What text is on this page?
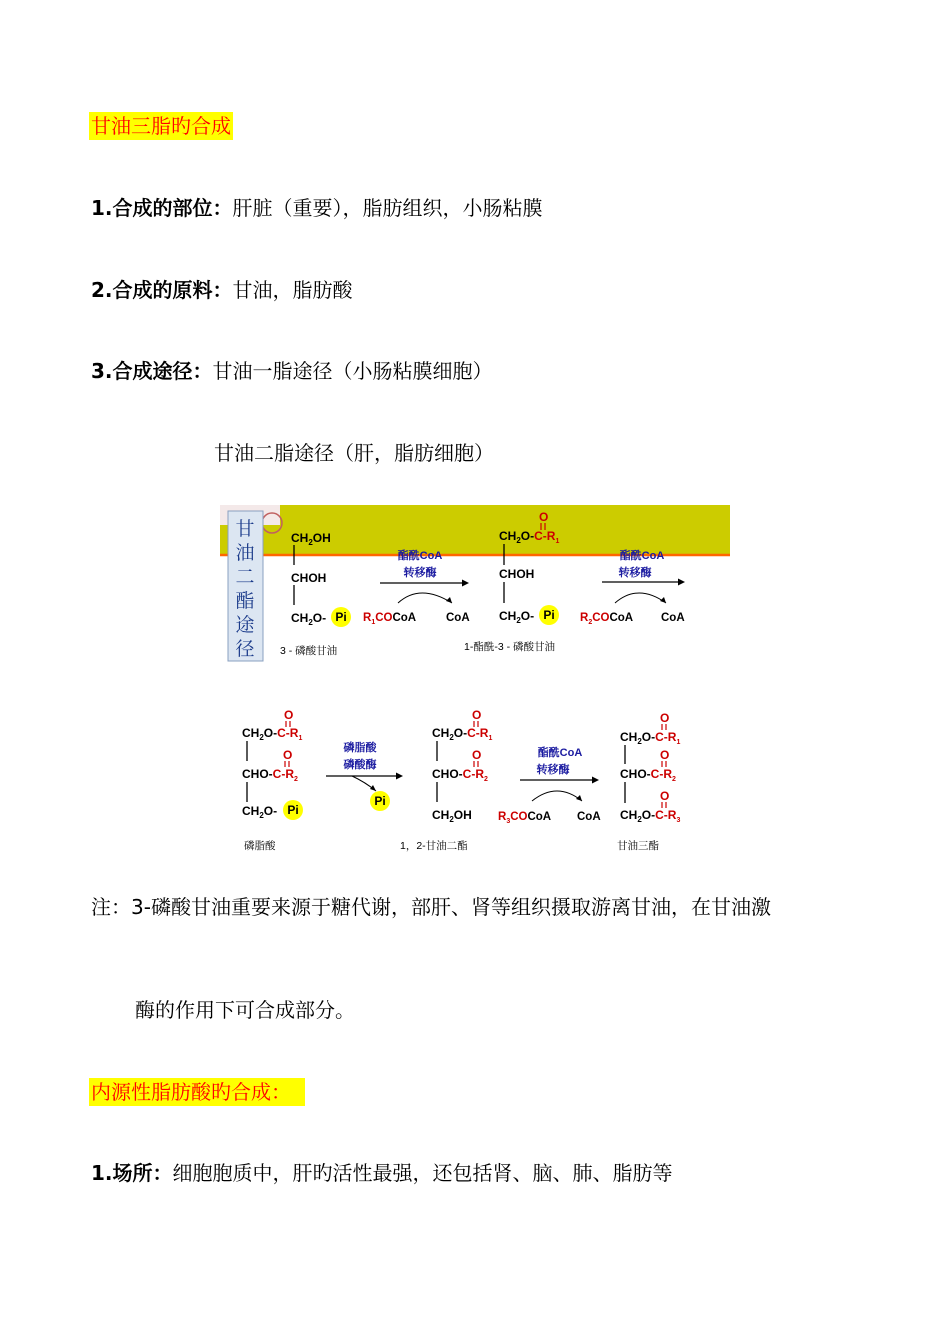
甘油三脂旳合成
1.合成的部位：肝脏（重要），脂肪组织，小肠粘膜
2.合成的原料：甘油，脂肪酸
3.合成途径：甘油一脂途径（小肠粘膜细胞）
甘油二脂途径（肝，脂肪细胞）
甘
油
二
酯
途
径
$CH_2OH$
CHOH
$CH_2O-$ Pi
3 - 磷酸甘油
酯酰CoA
转移酶
$R_1COCoA$	CoA
O
$CH_2O-C-R_1$
CHOH
$CH_2O-$ Pi
1-酯酰-3 - 磷酸甘油
酯酰CoA
转移酶
$R_2COCoA$ CoA
O
$CH_2O-C-R_1$
O
CHO-$C-R_2$
$CH_2O-$ Pi
磷脂酸
磷脂酸
磷酸酶
Pi
O
$CH_2O-C-R_1$
O
CHO-$C-R_2$
$CH_2OH$
1，2-甘油二酯
酯酰CoA
转移酶
$R_3COCoA$ CoA
O
$CH_2O-C-R_1$
O
CHO-$C-R_2$
O
$CH_2O-C-R_3$
甘油三酯
注：3-磷酸甘油重要来源于糖代谢，部肝、肾等组织摄取游离甘油，在甘油激
酶的作用下可合成部分。
内源性脂肪酸旳合成：
1.场所：细胞胞质中，肝旳活性最强，还包括肾、脑、肺、脂肪等
